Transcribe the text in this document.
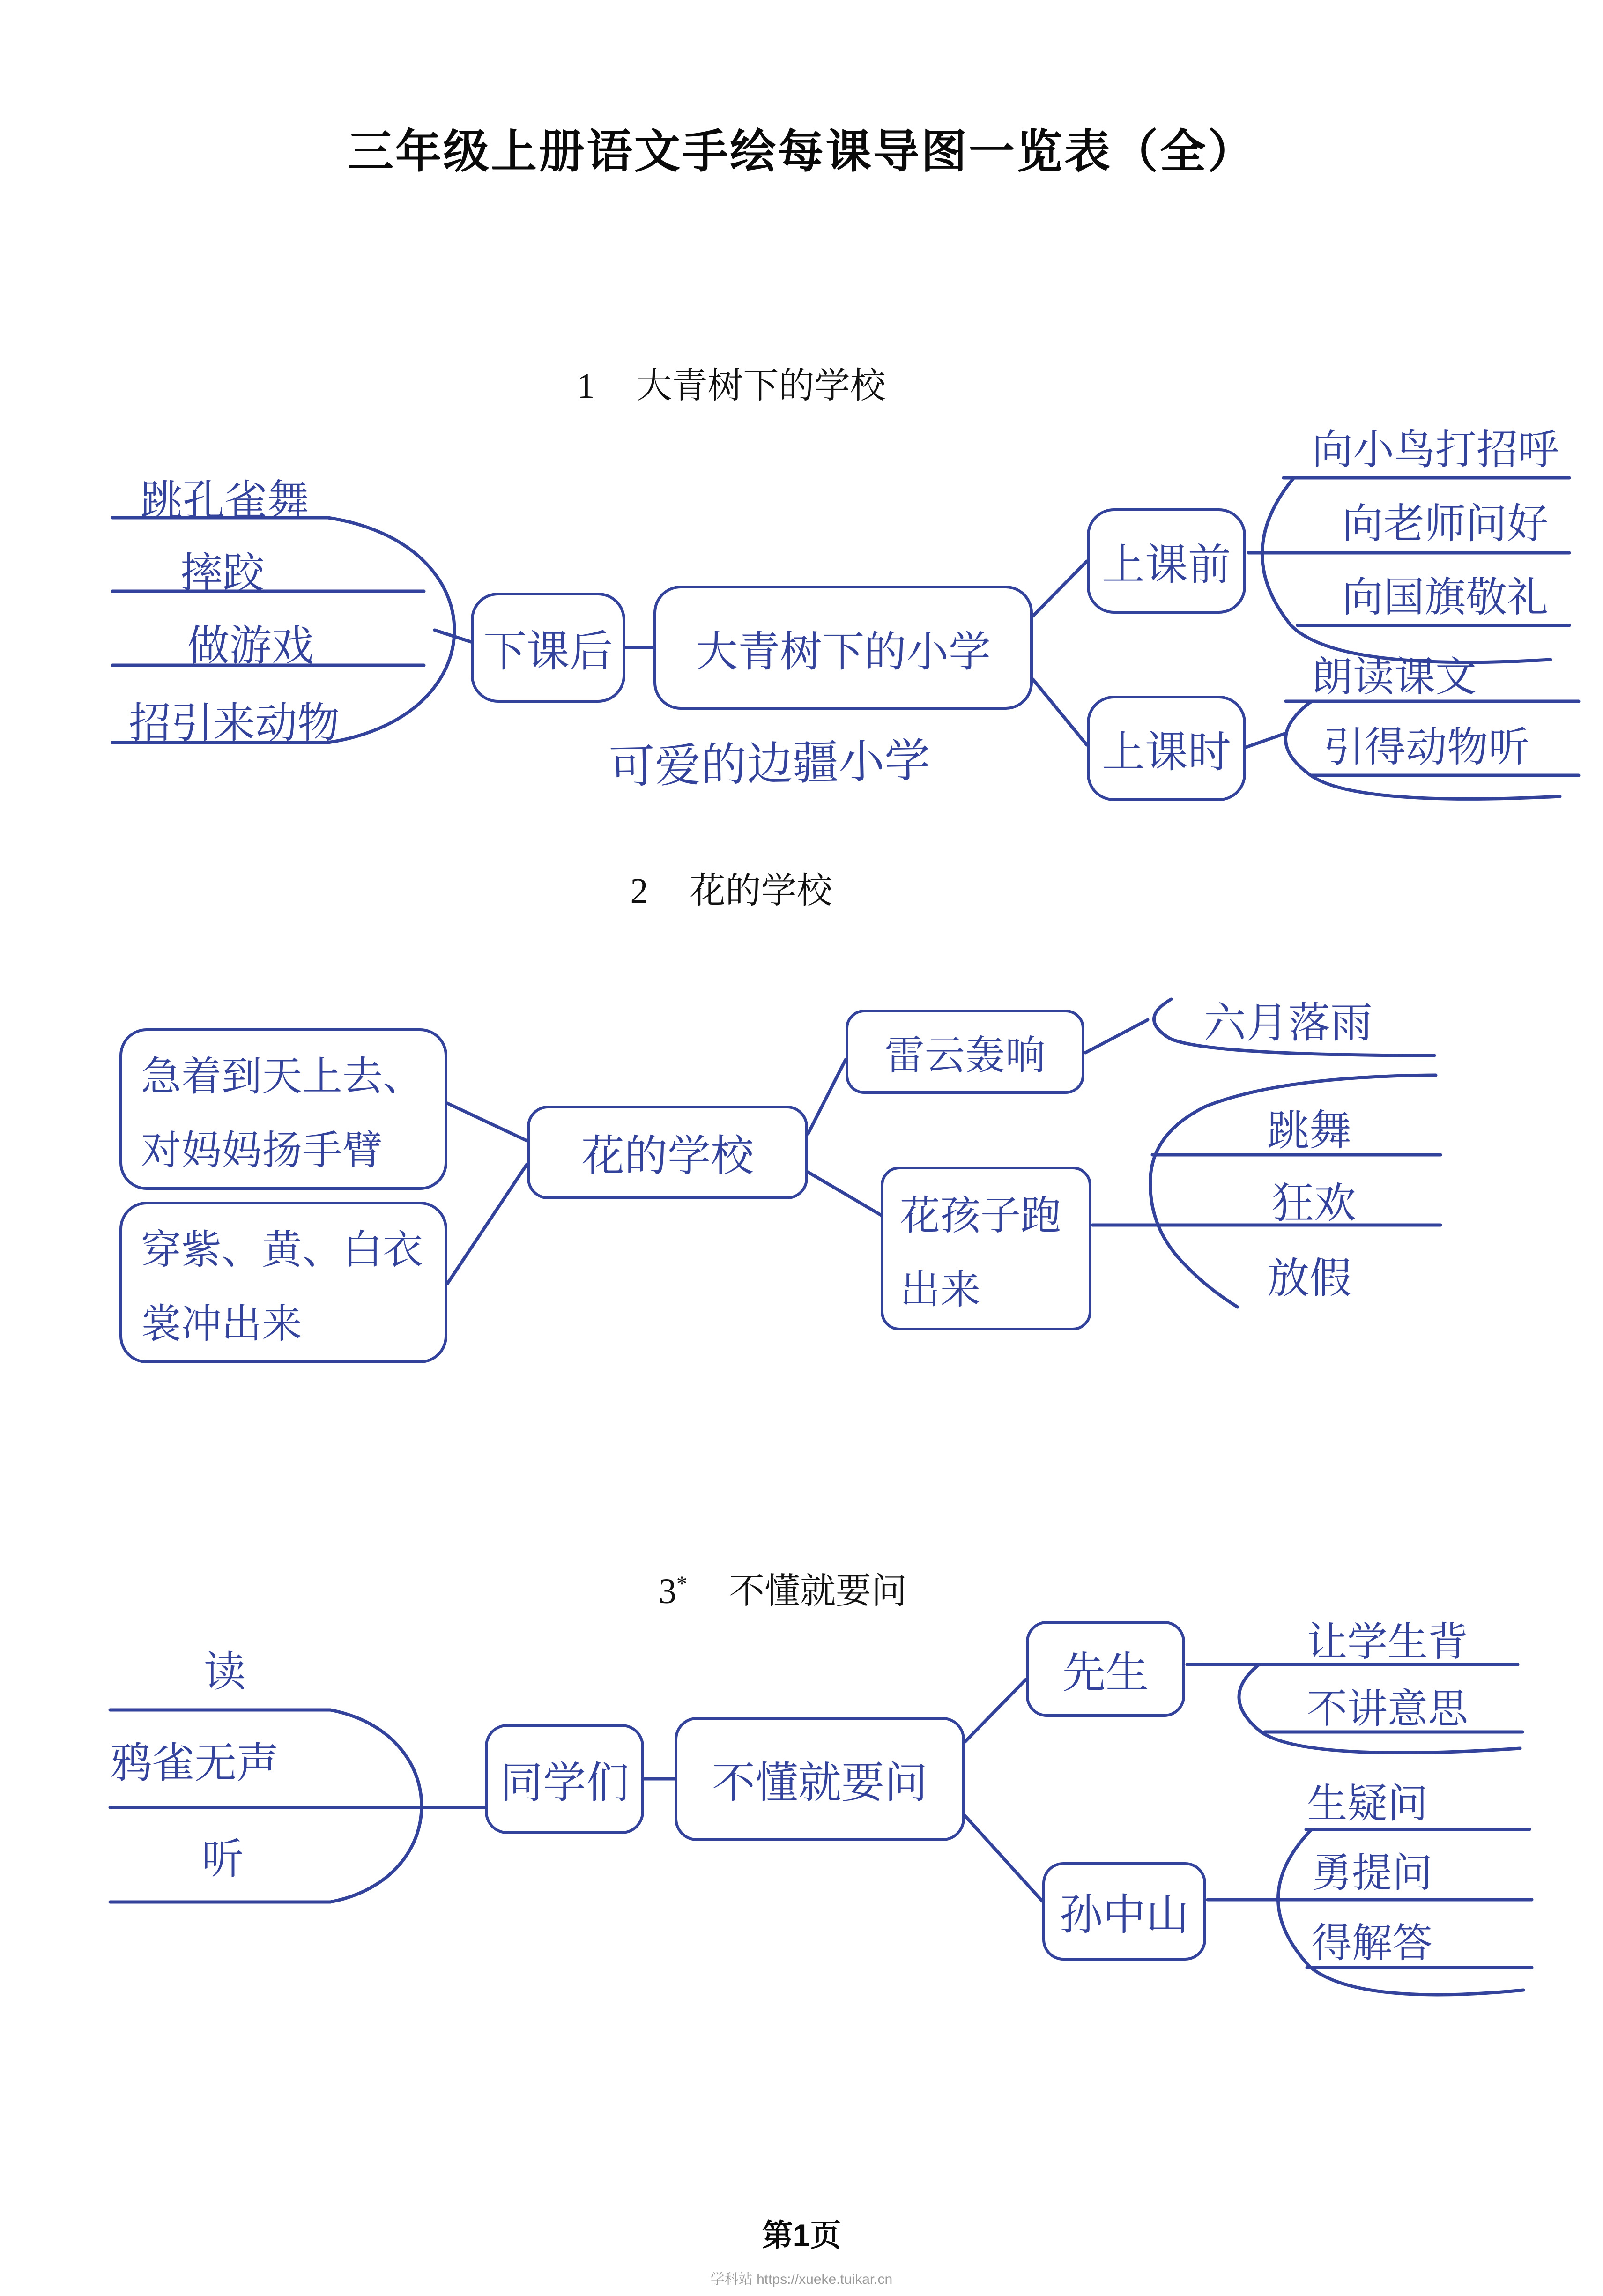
三年级上册语文手绘每课导图一览表（全）
1 大青树下的学校
跳孔雀舞
摔跤
做游戏
招引来动物
下课后	大青树下的小学
可爱的边疆小学
上课前
上课时
向小鸟打招呼
向老师问好
向国旗敬礼
朗读课文
引得动物听
2 花的学校
急着到天上去、对妈妈扬手臂
穿紫、黄、白衣裳冲出来
花的学校
雷云轰响
花孩子跑出来
六月落雨
跳舞
狂欢
放假
3* 不懂就要问
读
鸦雀无声
听
同学们	不懂就要问
先生
孙中山
让学生背
不讲意思
生疑问
勇提问
得解答
第1页
学科站 https://xueke.tuikar.cn
